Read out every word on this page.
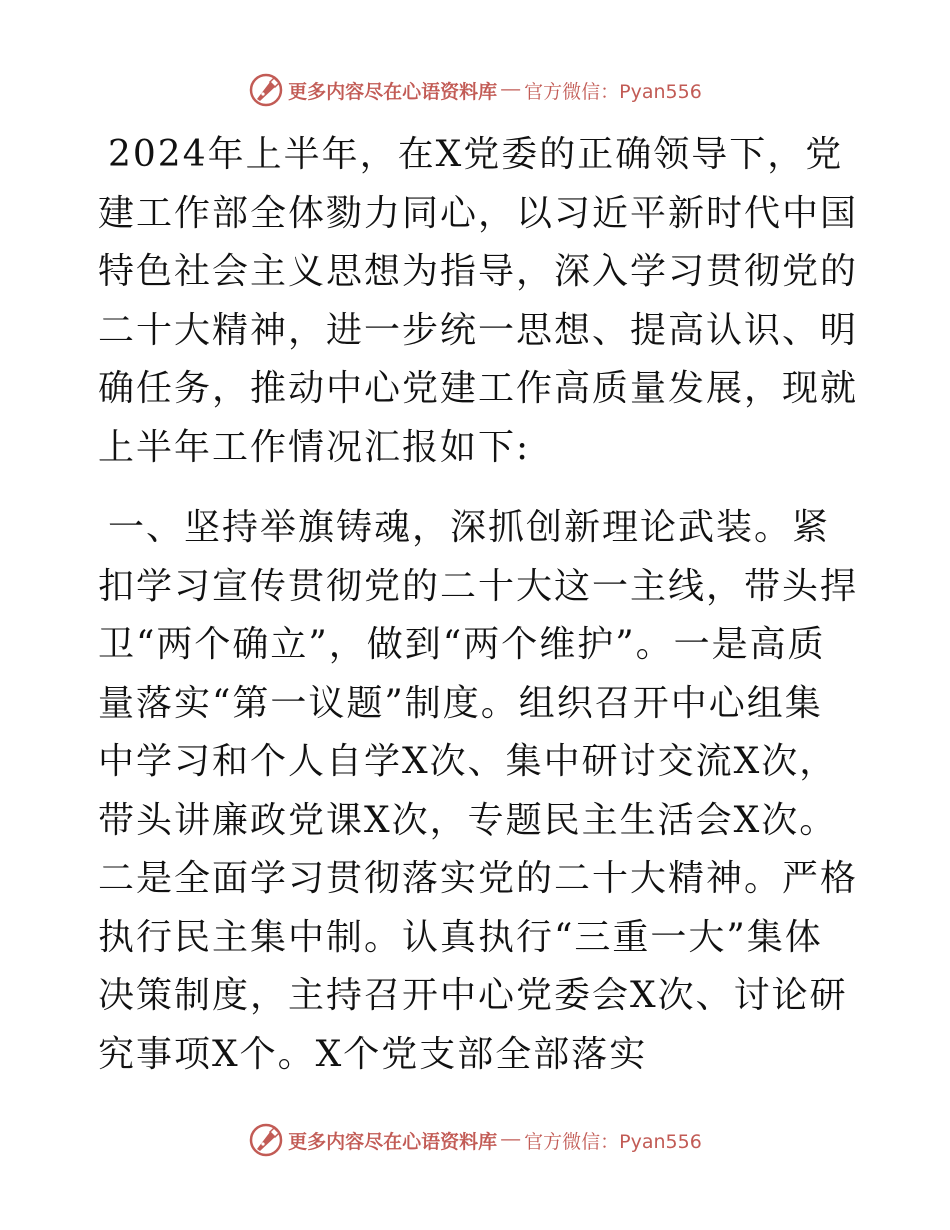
更多内容尽在心语资料库 — 官方微信：Pyan556

2024年上半年，在X党委的正确领导下，党建工作部全体勠力同心，以习近平新时代中国特色社会主义思想为指导，深入学习贯彻党的二十大精神，进一步统一思想、提高认识、明确任务，推动中心党建工作高质量发展，现就上半年工作情况汇报如下:

一、坚持举旗铸魂，深抓创新理论武装。紧扣学习宣传贯彻党的二十大这一主线，带头捍卫“两个确立”，做到“两个维护”。一是高质量落实“第一议题”制度。组织召开中心组集中学习和个人自学X次、集中研讨交流X次，带头讲廉政党课X次，专题民主生活会X次。二是全面学习贯彻落实党的二十大精神。严格执行民主集中制。认真执行“三重一大”集体决策制度，主持召开中心党委会X次、讨论研究事项X个。X个党支部全部落实

更多内容尽在心语资料库 — 官方微信：Pyan556
